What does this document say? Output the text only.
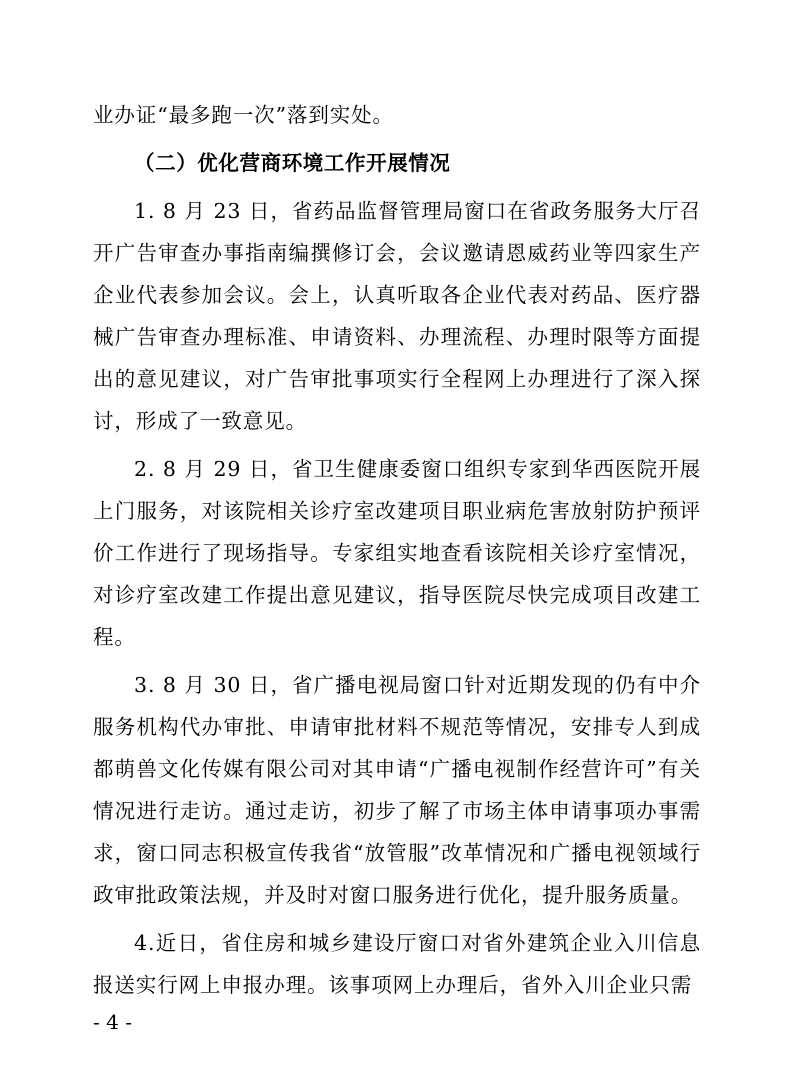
业办证“最多跑一次”落到实处。

（二）优化营商环境工作开展情况

1. 8 月 23 日，省药品监督管理局窗口在省政务服务大厅召开广告审查办事指南编撰修订会，会议邀请恩威药业等四家生产企业代表参加会议。会上，认真听取各企业代表对药品、医疗器械广告审查办理标准、申请资料、办理流程、办理时限等方面提出的意见建议，对广告审批事项实行全程网上办理进行了深入探讨，形成了一致意见。

2. 8 月 29 日，省卫生健康委窗口组织专家到华西医院开展上门服务，对该院相关诊疗室改建项目职业病危害放射防护预评价工作进行了现场指导。专家组实地查看该院相关诊疗室情况，对诊疗室改建工作提出意见建议，指导医院尽快完成项目改建工程。

3. 8 月 30 日，省广播电视局窗口针对近期发现的仍有中介服务机构代办审批、申请审批材料不规范等情况，安排专人到成都萌兽文化传媒有限公司对其申请“广播电视制作经营许可”有关情况进行走访。通过走访，初步了解了市场主体申请事项办事需求，窗口同志积极宣传我省“放管服”改革情况和广播电视领域行政审批政策法规，并及时对窗口服务进行优化，提升服务质量。

4.近日，省住房和城乡建设厅窗口对省外建筑企业入川信息报送实行网上申报办理。该事项网上办理后，省外入川企业只需

- 4 -
